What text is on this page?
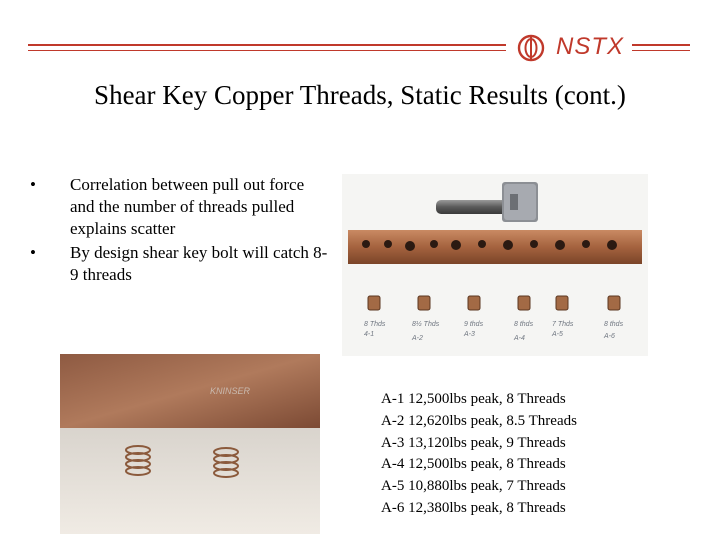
NSTX
Shear Key Copper Threads, Static Results (cont.)
• Correlation between pull out force and the number of threads pulled explains scatter
• By design shear key bolt will catch 8-9 threads
8 Thds	8½ Thds	9 thds	8 thds	7 Thds	8 thds
4-1
A-2
A-3
A-4
A-5	A-6
KNINSER	A-1 12,500lbs peak, 8 Threads
A-2 12,620lbs peak, 8.5 Threads
A-3 13,120lbs peak, 9 Threads
A-4 12,500lbs peak, 8 Threads
A-5 10,880lbs peak, 7 Threads
A-6 12,380lbs peak, 8 Threads
